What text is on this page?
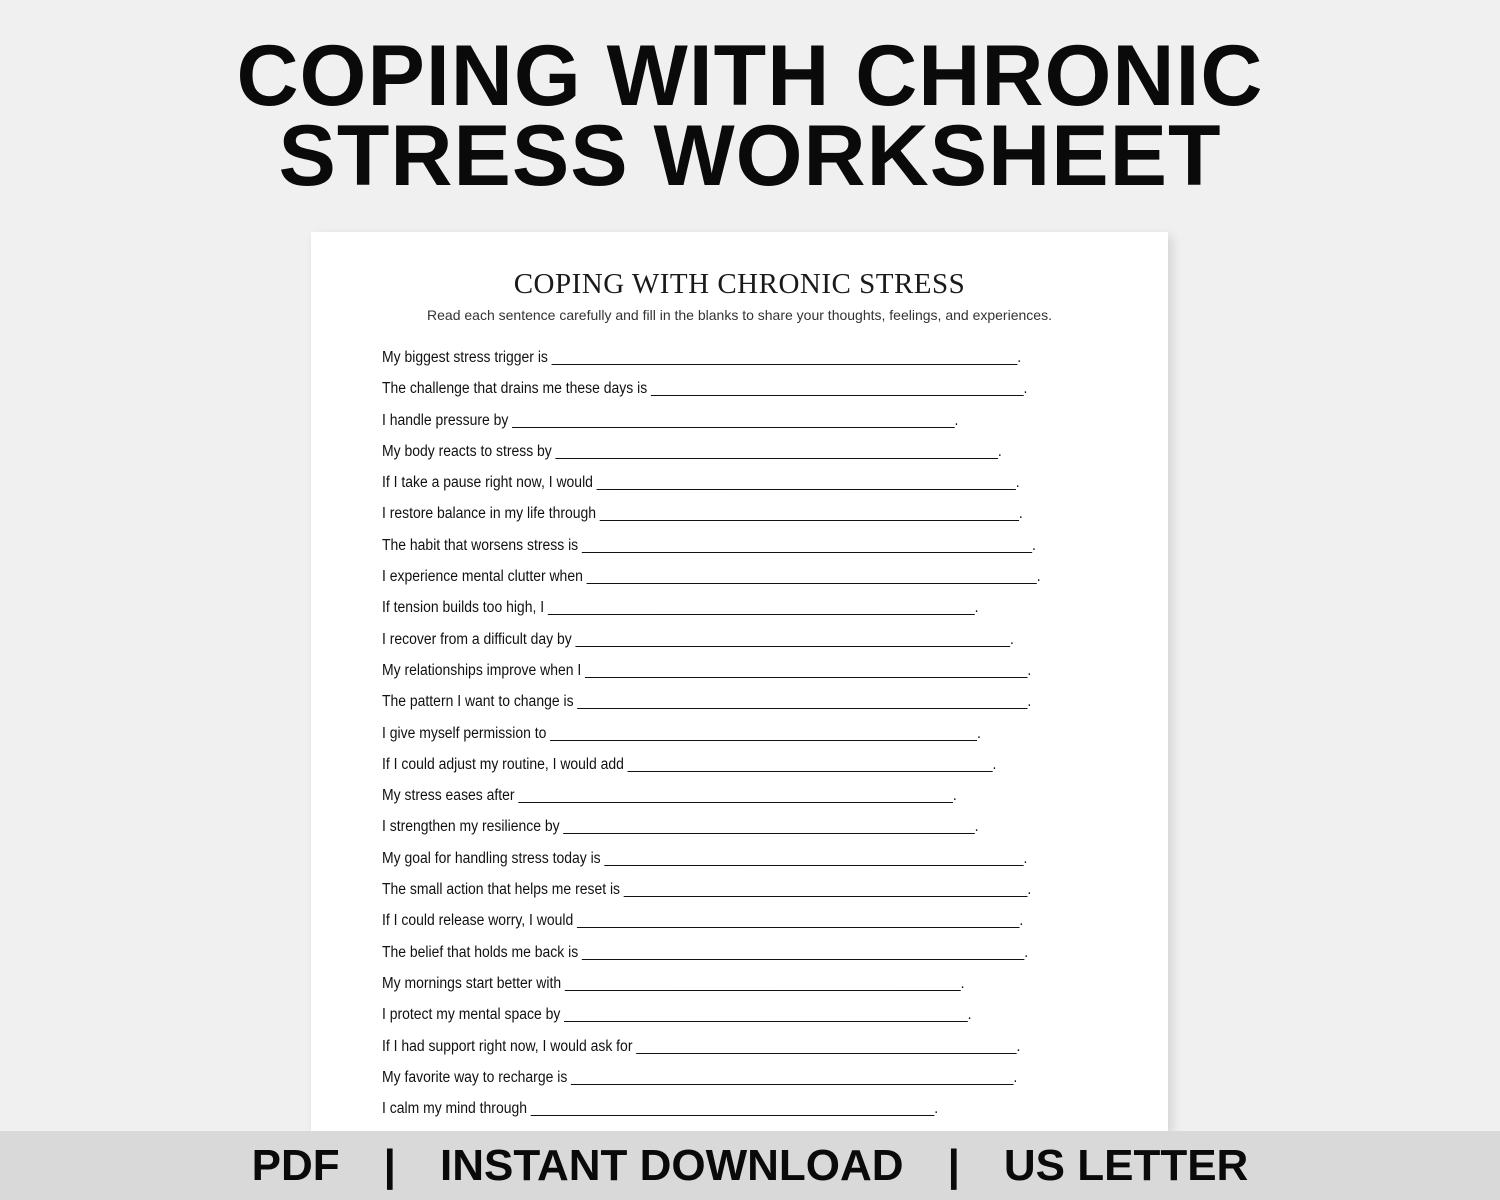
COPING WITH CHRONIC
STRESS WORKSHEET
COPING WITH CHRONIC STRESS
Read each sentence carefully and fill in the blanks to share your thoughts, feelings, and experiences.
My biggest stress trigger is ____________________________________________________________.
The challenge that drains me these days is ________________________________________________.
I handle pressure by _________________________________________________________.
My body reacts to stress by _________________________________________________________.
If I take a pause right now, I would ______________________________________________________.
I restore balance in my life through ______________________________________________________.
The habit that worsens stress is __________________________________________________________.
I experience mental clutter when __________________________________________________________.
If tension builds too high, I _______________________________________________________.
I recover from a difficult day by ________________________________________________________.
My relationships improve when I _________________________________________________________.
The pattern I want to change is __________________________________________________________.
I give myself permission to _______________________________________________________.
If I could adjust my routine, I would add _______________________________________________.
My stress eases after ________________________________________________________.
I strengthen my resilience by _____________________________________________________.
My goal for handling stress today is ______________________________________________________.
The small action that helps me reset is ____________________________________________________.
If I could release worry, I would _________________________________________________________.
The belief that holds me back is _________________________________________________________.
My mornings start better with ___________________________________________________.
I protect my mental space by ____________________________________________________.
If I had support right now, I would ask for _________________________________________________.
My favorite way to recharge is _________________________________________________________.
I calm my mind through ____________________________________________________.
PDF | INSTANT DOWNLOAD | US LETTER
